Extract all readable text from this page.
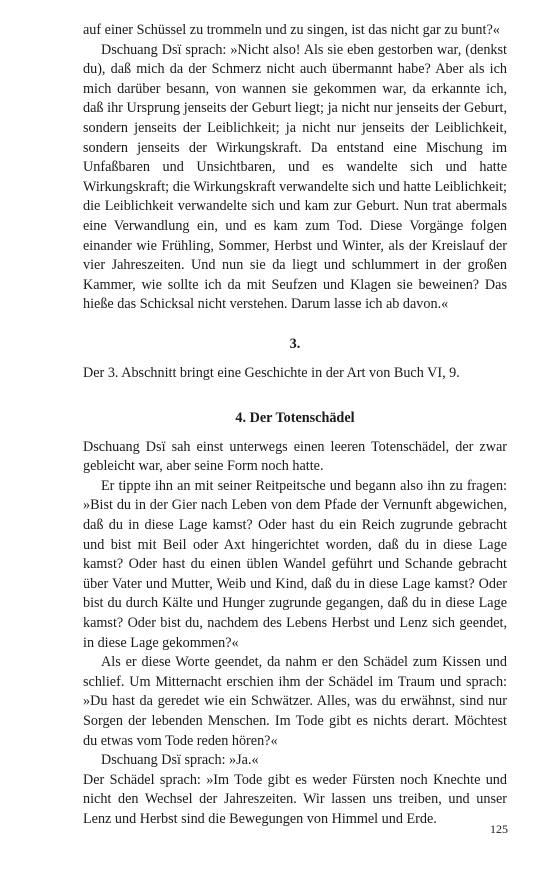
auf einer Schüssel zu trommeln und zu singen, ist das nicht gar zu bunt?«

Dschuang Dsï sprach: »Nicht also! Als sie eben gestorben war, (denkst du), daß mich da der Schmerz nicht auch übermannt habe? Aber als ich mich darüber besann, von wannen sie gekommen war, da erkannte ich, daß ihr Ursprung jenseits der Geburt liegt; ja nicht nur jenseits der Geburt, sondern jenseits der Leiblichkeit; ja nicht nur jenseits der Leiblichkeit, sondern jenseits der Wirkungskraft. Da entstand eine Mischung im Unfaßbaren und Unsichtbaren, und es wandelte sich und hatte Wirkungskraft; die Wirkungskraft verwandelte sich und hatte Leiblichkeit; die Leiblichkeit verwandelte sich und kam zur Geburt. Nun trat abermals eine Verwandlung ein, und es kam zum Tod. Diese Vorgänge folgen einander wie Frühling, Sommer, Herbst und Winter, als der Kreislauf der vier Jahreszeiten. Und nun sie da liegt und schlummert in der großen Kammer, wie sollte ich da mit Seufzen und Klagen sie beweinen? Das hieße das Schicksal nicht verstehen. Darum lasse ich ab davon.«

3.

Der 3. Abschnitt bringt eine Geschichte in der Art von Buch VI, 9.

4. Der Totenschädel

Dschuang Dsï sah einst unterwegs einen leeren Totenschädel, der zwar gebleicht war, aber seine Form noch hatte.

Er tippte ihn an mit seiner Reitpeitsche und begann also ihn zu fragen: »Bist du in der Gier nach Leben von dem Pfade der Vernunft abgewichen, daß du in diese Lage kamst? Oder hast du ein Reich zugrunde gebracht und bist mit Beil oder Axt hingerichtet worden, daß du in diese Lage kamst? Oder hast du einen üblen Wandel geführt und Schande gebracht über Vater und Mutter, Weib und Kind, daß du in diese Lage kamst? Oder bist du durch Kälte und Hunger zugrunde gegangen, daß du in diese Lage kamst? Oder bist du, nachdem des Lebens Herbst und Lenz sich geendet, in diese Lage gekommen?«

Als er diese Worte geendet, da nahm er den Schädel zum Kissen und schlief. Um Mitternacht erschien ihm der Schädel im Traum und sprach: »Du hast da geredet wie ein Schwätzer. Alles, was du erwähnst, sind nur Sorgen der lebenden Menschen. Im Tode gibt es nichts derart. Möchtest du etwas vom Tode reden hören?«

Dschuang Dsï sprach: »Ja.«

Der Schädel sprach: »Im Tode gibt es weder Fürsten noch Knechte und nicht den Wechsel der Jahreszeiten. Wir lassen uns treiben, und unser Lenz und Herbst sind die Bewegungen von Himmel und Erde.

125
